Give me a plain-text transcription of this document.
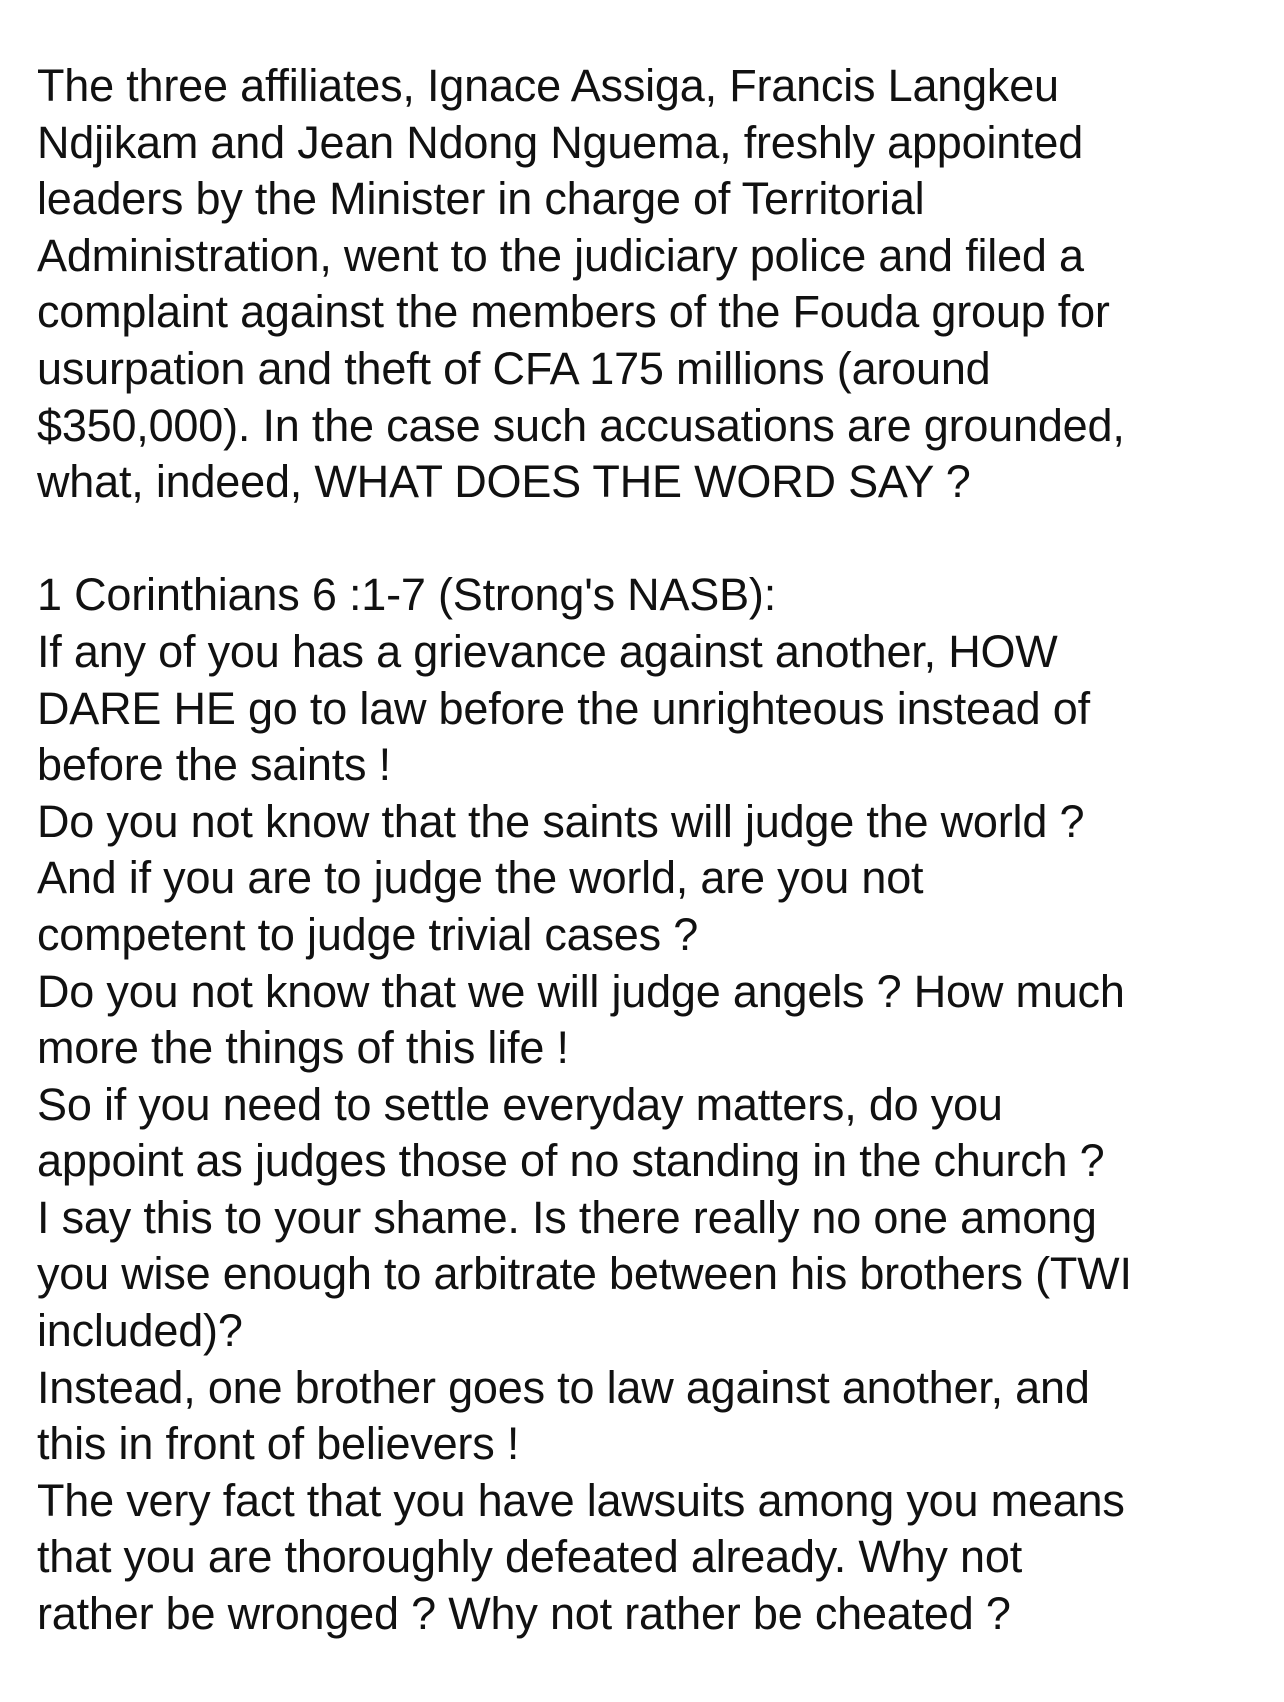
The three affiliates, Ignace Assiga, Francis Langkeu
Ndjikam and Jean Ndong Nguema, freshly appointed
leaders by the Minister in charge of Territorial
Administration, went to the judiciary police and filed a
complaint against the members of the Fouda group for
usurpation and theft of CFA 175 millions (around
$350,000). In the case such accusations are grounded,
what, indeed, WHAT DOES THE WORD SAY ?

1 Corinthians 6 :1-7 (Strong's NASB):
If any of you has a grievance against another, HOW
DARE HE go to law before the unrighteous instead of
before the saints !
Do you not know that the saints will judge the world ?
And if you are to judge the world, are you not
competent to judge trivial cases ?
Do you not know that we will judge angels ? How much
more the things of this life !
So if you need to settle everyday matters, do you
appoint as judges those of no standing in the church ?
I say this to your shame. Is there really no one among
you wise enough to arbitrate between his brothers (TWI
included)?
Instead, one brother goes to law against another, and
this in front of believers !
The very fact that you have lawsuits among you means
that you are thoroughly defeated already. Why not
rather be wronged ? Why not rather be cheated ?
